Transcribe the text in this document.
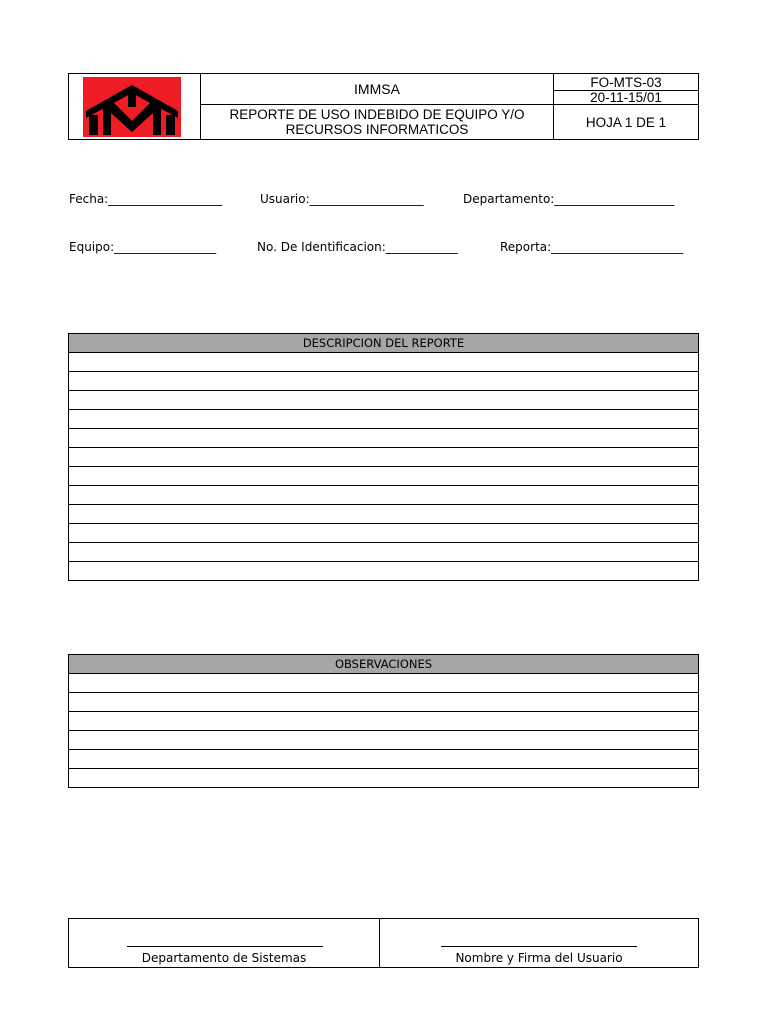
IMMSA
REPORTE DE USO INDEBIDO DE EQUIPO Y/O RECURSOS INFORMATICOS
FO-MTS-03
20-11-15/01
HOJA 1 DE 1
Fecha:___________________	Usuario:___________________	Departamento:____________________
Equipo:_________________	No. De Identificacion:____________	Reporta:______________________
DESCRIPCION DEL REPORTE
OBSERVACIONES
Departamento de Sistemas	Nombre y Firma del Usuario
